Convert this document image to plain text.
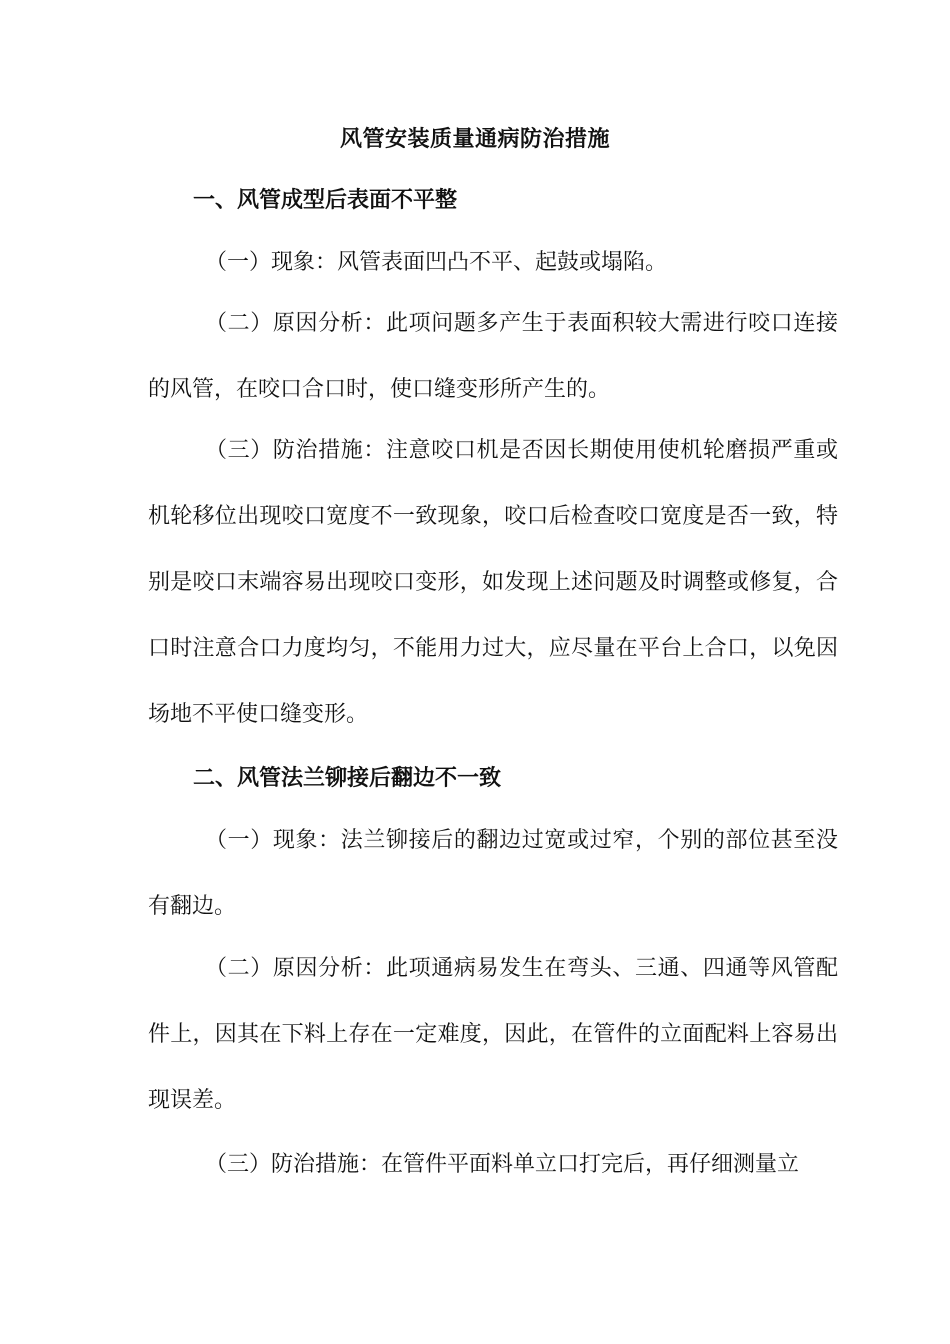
风管安装质量通病防治措施
一、风管成型后表面不平整
（一）现象：风管表面凹凸不平、起鼓或塌陷。
（二）原因分析：此项问题多产生于表面积较大需进行咬口连接的风管，在咬口合口时，使口缝变形所产生的。
（三）防治措施：注意咬口机是否因长期使用使机轮磨损严重或机轮移位出现咬口宽度不一致现象，咬口后检查咬口宽度是否一致，特别是咬口末端容易出现咬口变形，如发现上述问题及时调整或修复，合口时注意合口力度均匀，不能用力过大，应尽量在平台上合口，以免因场地不平使口缝变形。
二、风管法兰铆接后翻边不一致
（一）现象：法兰铆接后的翻边过宽或过窄，个别的部位甚至没有翻边。
（二）原因分析：此项通病易发生在弯头、三通、四通等风管配件上，因其在下料上存在一定难度，因此，在管件的立面配料上容易出现误差。
（三）防治措施：在管件平面料单立口打完后，再仔细测量立
